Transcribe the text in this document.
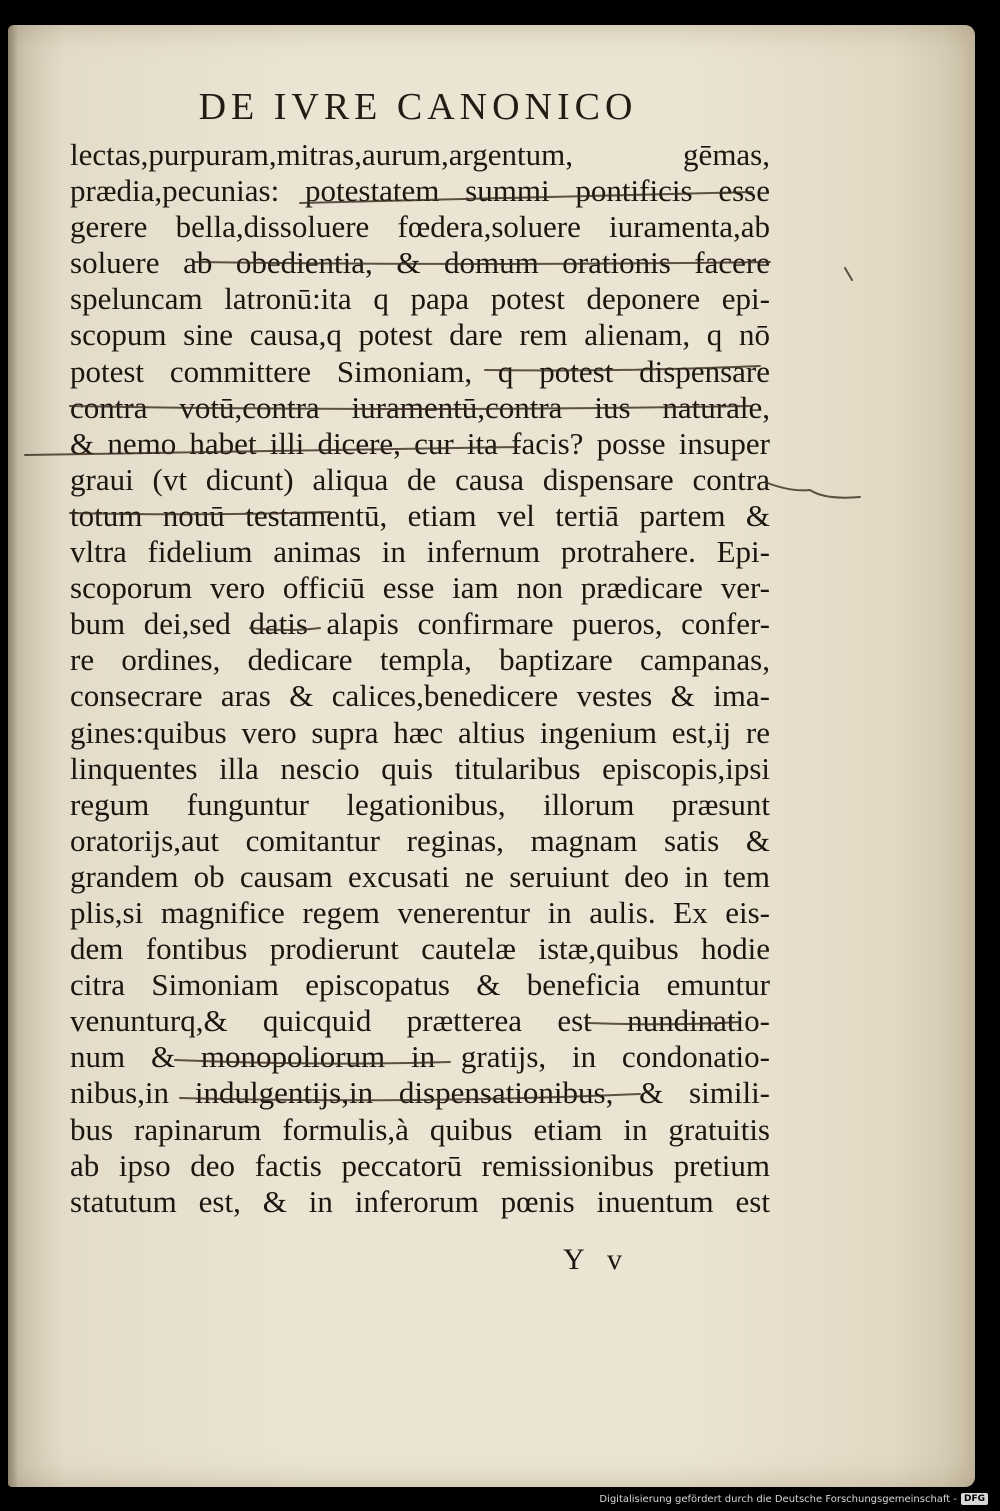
DE IVRE CANONICO
lectas,purpuram,mitras,aurum,argentum, gēmas,
prædia,pecunias: potestatem summi pontificis esse
gerere bella,dissoluere fœdera,soluere iuramenta,ab
soluere ab obedientia, & domum orationis facere
speluncam latronū:ita q papa potest deponere epi-
scopum sine causa,q potest dare rem alienam, q nō
potest committere Simoniam, q potest dispensare
contra votū,contra iuramentū,contra ius naturale,
& nemo habet illi dicere, cur ita facis? posse insuper
graui (vt dicunt) aliqua de causa dispensare contra
totum nouū testamentū, etiam vel tertiā partem &
vltra fidelium animas in infernum protrahere. Epi-
scoporum vero officiū esse iam non prædicare ver-
bum dei,sed datis alapis confirmare pueros, confer-
re ordines, dedicare templa, baptizare campanas,
consecrare aras & calices,benedicere vestes & ima-
gines:quibus vero supra hæc altius ingenium est,ij re
linquentes illa nescio quis titularibus episcopis,ipsi
regum funguntur legationibus, illorum præsunt
oratorijs,aut comitantur reginas, magnam satis &
grandem ob causam excusati ne seruiunt deo in tem
plis,si magnifice regem venerentur in aulis. Ex eis-
dem fontibus prodierunt cautelæ istæ,quibus hodie
citra Simoniam episcopatus & beneficia emuntur
venunturq,& quicquid prætterea est nundinatio-
num & monopoliorum in gratijs, in condonatio-
nibus,in indulgentijs,in dispensationibus, & simili-
bus rapinarum formulis,à quibus etiam in gratuitis
ab ipso deo factis peccatorū remissionibus pretium
statutum est, & in inferorum pœnis inuentum est
Y v
Digitalisierung gefördert durch die Deutsche Forschungsgemeinschaft - DFG
